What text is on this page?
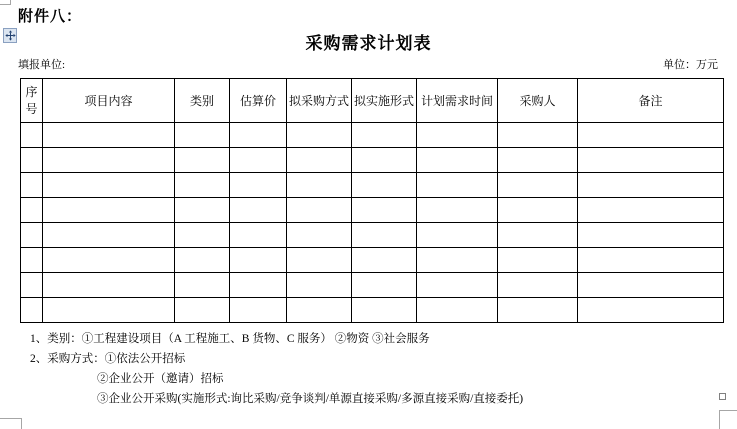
附件八：
采购需求计划表
填报单位:	单位：万元
序号	项目内容	类别	估算价	拟采购方式	拟实施形式	计划需求时间	采购人	备注

1、类别：①工程建设项目（A 工程施工、B 货物、C 服务） ②物资 ③社会服务
2、采购方式：①依法公开招标
②企业公开（邀请）招标
③企业公开采购(实施形式:询比采购/竞争谈判/单源直接采购/多源直接采购/直接委托)
